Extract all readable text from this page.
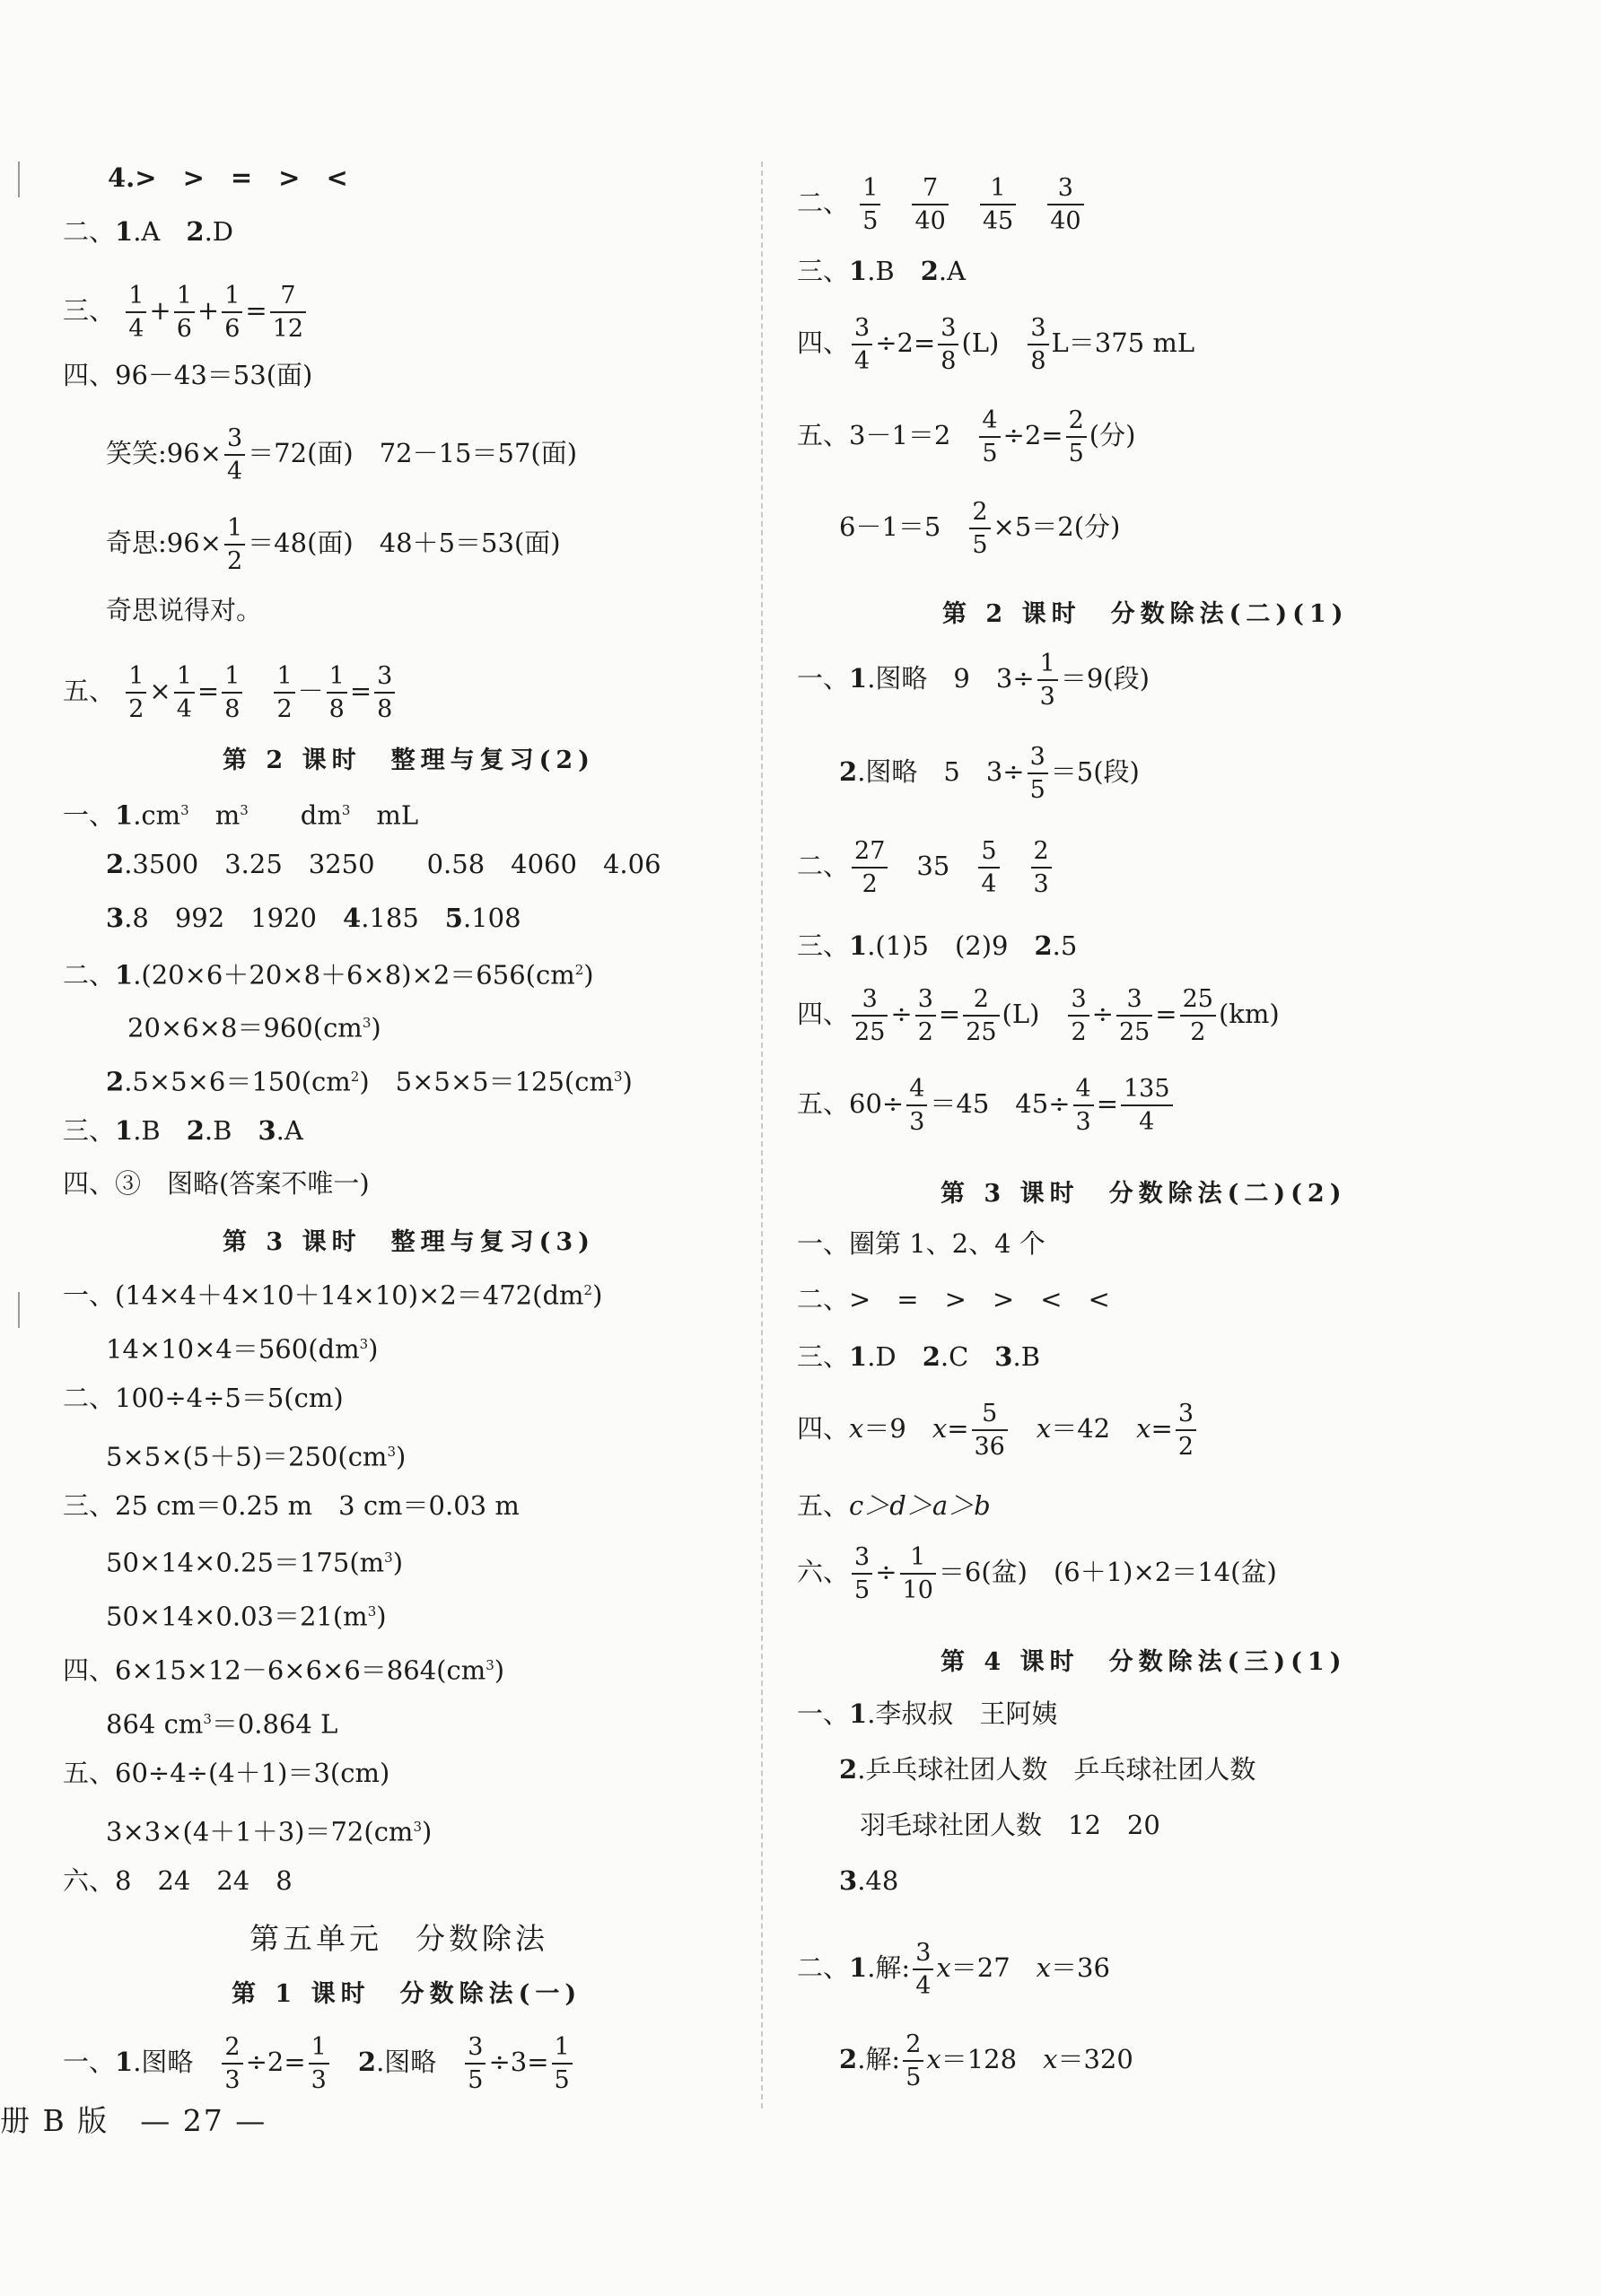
4.>　>　=　>　<
二、1.A　2.D
三、 $\frac{1}{4} + \frac{1}{6} + \frac{1}{6} = \frac{7}{12}$
四、96－43＝53(面)
笑笑:96× $\frac{3}{4} =72$(面)　72－15＝57(面)
奇思:96× $\frac{1}{2} =48$(面)　48＋5＝53(面)
奇思说得对。
五、 $\frac{1}{2} \times \frac{1}{4} = \frac{1}{8}$
　 $\frac{1}{2} - \frac{1}{8} = \frac{3}{8}$
第 2 课时　整理与复习(2)
一、$1.cm^3$　$m^3$　　$dm^3$　mL
2.3500　3.25　3250　　0.58　4060　4.06
3.8　992　1920　4.185　5.108
二、$1.(20\times 6+20\times 8+6\times 8)\times 2=656(cm^2)$
$20\times 6\times 8=960(cm^3)$
$2.5\times 5\times 6=150(cm^2)$　$5\times 5\times 5=125(cm^3)$
三、1.B　2.B　3.A
四、③　图略(答案不唯一)
第 3 课时　整理与复习(3)
一、$(14\times 4+4\times 10+14\times 10)\times 2=472(dm^2)$
$14\times 10\times 4=560(dm^3)$
二、100÷4÷5＝5(cm)
$5\times 5\times(5+5)=250(cm^3)$
三、25 cm＝0.25 m　3 cm＝0.03 m
$50\times 14\times 0.25=175(m^3)$
$50\times 14\times 0.03=21(m^3)$
四、$6\times 15\times 12-6\times 6\times 6=864(cm^3)$
864 $cm^3=0.864$ L
五、60÷4÷(4＋1)＝3(cm)
$3\times 3\times(4+1+3)=72(cm^3)$
六、8　24　24　8
第五单元　分数除法
第 1 课时　分数除法(一)
一、1.图略　 $\frac{2}{3} \div 2= \frac{1}{3}$
　 2.图略　 $\frac{3}{5} \div 3= \frac{1}{5}$
二、 $\frac{1}{5}$
　 $\frac{7}{40}$
　 $\frac{1}{45}$
　 $\frac{3}{40}$
三、1.B　2.A
四、 $\frac{3}{4} \div 2= \frac{3}{8} (L)$　 $\frac{3}{8} L=375$ mL
五、3－1＝2　 $\frac{4}{5} \div 2= \frac{2}{5}$ (分)
6－1＝5　 $\frac{2}{5} \times 5=2$(分)
第 2 课时　分数除法(二)(1)
一、1.图略　9　$3\div \frac{1}{3} =9$(段)
2.图略　5　$3\div \frac{3}{5} =5$(段)
二、 $\frac{27}{2}$
　 35　 $\frac{5}{4}$
　 $\frac{2}{3}$
三、1.(1)5　(2)9　2.5
四、 $\frac{3}{25} \div \frac{3}{2} = \frac{2}{25} (L)$　 $\frac{3}{2} \div \frac{3}{25} = \frac{25}{2} (km)$
五、$60\div \frac{4}{3} =45$　$45\div \frac{4}{3} = \frac{135}{4}$
第 3 课时　分数除法(二)(2)
一、圈第 1、2、4 个
二、>　=　>　>　<　<
三、1.D　2.C　3.B
四、x＝9　$x= \frac{5}{36}$
　 x＝42　$x= \frac{3}{2}$
五、c＞d＞a＞b
六、 $\frac{3}{5} \div \frac{1}{10} =6$(盆)　(6＋1)×2＝14(盆)
第 4 课时　分数除法(三)(1)
一、1.李叔叔　王阿姨
2.乒乓球社团人数　乒乓球社团人数
羽毛球社团人数　12　20
3.48
二、1.解: $\frac{3}{4} x=27$　x＝36
2.解: $\frac{2}{5} x=128$　x＝320
册 B 版　— 27 —
